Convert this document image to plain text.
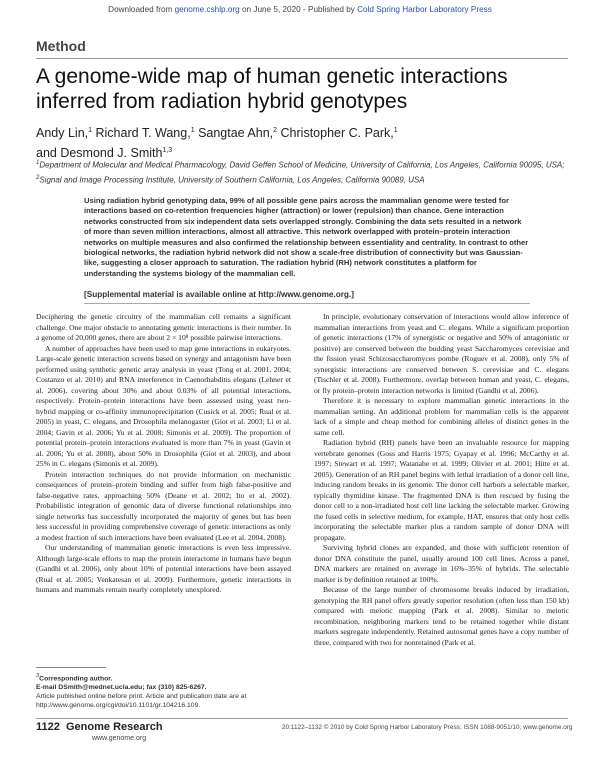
Downloaded from genome.cshlp.org on June 5, 2020 - Published by Cold Spring Harbor Laboratory Press
Method
A genome-wide map of human genetic interactions inferred from radiation hybrid genotypes
Andy Lin,$^1$ Richard T. Wang,$^1$ Sangtae Ahn,$^2$ Christopher C. Park,$^1$
and Desmond J. Smith$^{1,3}$
$^1$Department of Molecular and Medical Pharmacology, David Geffen School of Medicine, University of California, Los Angeles, California 90095, USA; $^2$Signal and Image Processing Institute, University of Southern California, Los Angeles, California 90089, USA
Using radiation hybrid genotyping data, 99% of all possible gene pairs across the mammalian genome were tested for interactions based on co-retention frequencies higher (attraction) or lower (repulsion) than chance. Gene interaction networks constructed from six independent data sets overlapped strongly. Combining the data sets resulted in a network of more than seven million interactions, almost all attractive. This network overlapped with protein–protein interaction networks on multiple measures and also confirmed the relationship between essentiality and centrality. In contrast to other biological networks, the radiation hybrid network did not show a scale-free distribution of connectivity but was Gaussian-like, suggesting a closer approach to saturation. The radiation hybrid (RH) network constitutes a platform for understanding the systems biology of the mammalian cell.
[Supplemental material is available online at http://www.genome.org.]

Deciphering the genetic circuitry of the mammalian cell remains a significant challenge. One major obstacle to annotating genetic interactions is their number. In a genome of 20,000 genes, there are about 2 × 10⁸ possible pairwise interactions.

A number of approaches have been used to map gene interactions in eukaryotes. Large-scale genetic interaction screens based on synergy and antagonism have been performed using synthetic genetic array analysis in yeast (Tong et al. 2001, 2004; Costanzo et al. 2010) and RNA interference in Caenorhabditis elegans (Lehner et al. 2006), covering about 30% and about 0.03% of all potential interactions, respectively. Protein–protein interactions have been assessed using yeast two-hybrid mapping or co-affinity immunoprecipitation (Cusick et al. 2005; Rual et al. 2005) in yeast, C. elegans, and Drosophila melanogaster (Giot et al. 2003; Li et al. 2004; Gavin et al. 2006; Yu et al. 2008; Simonis et al. 2009). The proportion of potential protein–protein interactions evaluated is more than 7% in yeast (Gavin et al. 2006; Yu et al. 2008), about 50% in Drosophila (Giot et al. 2003), and about 25% in C. elegans (Simonis et al. 2009).

Protein interaction techniques do not provide information on mechanistic consequences of protein–protein binding and suffer from high false-positive and false-negative rates, approaching 50% (Deane et al. 2002; Ito et al. 2002). Probabilistic integration of genomic data of diverse functional relationships into single networks has successfully incorporated the majority of genes but has been less successful in providing comprehensive coverage of genetic interactions as only a modest fraction of such interactions have been evaluated (Lee et al. 2004, 2008).

Our understanding of mammalian genetic interactions is even less impressive. Although large-scale efforts to map the protein interactome in humans have begun (Gandhi et al. 2006), only about 10% of potential interactions have been assayed (Rual et al. 2005; Venkatesan et al. 2009). Furthermore, genetic interactions in humans and mammals remain nearly completely unexplored.

In principle, evolutionary conservation of interactions would allow inference of mammalian interactions from yeast and C. elegans. While a significant proportion of genetic interactions (17% of synergistic or negative and 50% of antagonistic or positive) are conserved between the budding yeast Saccharomyces cerevisiae and the fission yeast Schizosaccharomyces pombe (Roguev et al. 2008), only 5% of synergistic interactions are conserved between S. cerevisiae and C. elegans (Tischler et al. 2008). Furthermore, overlap between human and yeast, C. elegans, or fly protein–protein interaction networks is limited (Gandhi et al. 2006).

Therefore it is necessary to explore mammalian genetic interactions in the mammalian setting. An additional problem for mammalian cells is the apparent lack of a simple and cheap method for combining alleles of distinct genes in the same cell.

Radiation hybrid (RH) panels have been an invaluable resource for mapping vertebrate genomes (Goss and Harris 1975; Gyapay et al. 1996; McCarthy et al. 1997; Stewart et al. 1997; Watanabe et al. 1999; Olivier et al. 2001; Hitte et al. 2005). Generation of an RH panel begins with lethal irradiation of a donor cell line, inducing random breaks in its genome. The donor cell harbors a selectable marker, typically thymidine kinase. The fragmented DNA is then rescued by fusing the donor cell to a non-irradiated host cell line lacking the selectable marker. Growing the fused cells in selective medium, for example, HAT, ensures that only host cells incorporating the selectable marker plus a random sample of donor DNA will propagate.

Surviving hybrid clones are expanded, and those with sufficient retention of donor DNA constitute the panel, usually around 100 cell lines. Across a panel, DNA markers are retained on average in 16%–35% of hybrids. The selectable marker is by definition retained at 100%.

Because of the large number of chromosome breaks induced by irradiation, genotyping the RH panel offers greatly superior resolution (often less than 150 kb) compared with meiotic mapping (Park et al. 2008). Similar to meiotic recombination, neighboring markers tend to be retained together while distant markers segregate independently. Retained autosomal genes have a copy number of three, compared with two for nonretained (Park et al.

$^3$Corresponding author.
E-mail DSmith@mednet.ucla.edu; fax (310) 825-6267.
Article published online before print. Article and publication date are at
http://www.genome.org/cgi/doi/10.1101/gr.104216.109.
1122 Genome Research
www.genome.org
20:1122–1132 © 2010 by Cold Spring Harbor Laboratory Press; ISSN 1088-9051/10; www.genome.org
